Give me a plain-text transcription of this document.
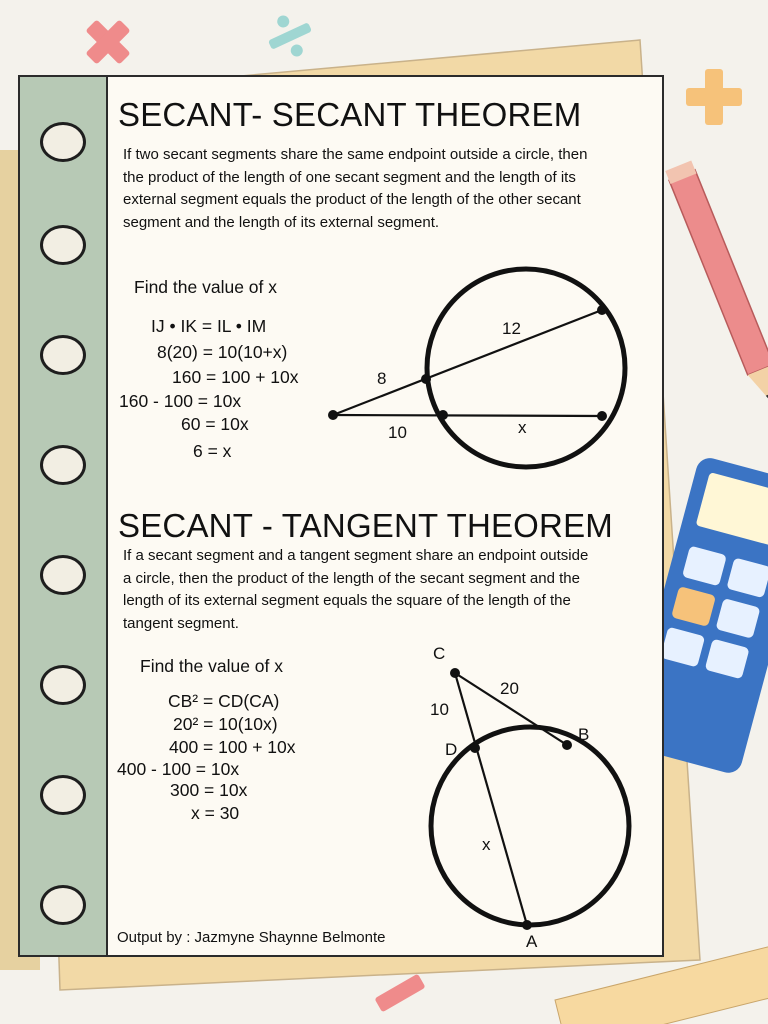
SECANT- SECANT THEOREM
If two secant segments share the same endpoint outside a circle, then the product of the length of one secant segment and the length of its external segment equals the product of the length of the other secant segment and the length of its external segment.
Find the value of x
IJ • IK = IL • IM
8(20) = 10(10+x)
160 = 100 + 10x
160 - 100 = 10x
60 = 10x
6 = x
12
8
10	x
SECANT - TANGENT THEOREM
If a secant segment and a tangent segment share an endpoint outside a circle, then the product of the length of the secant segment and the length of its external segment equals the square of the length of the tangent segment.
Find the value of x
CB² = CD(CA)
20² = 10(10x)
400 = 100 + 10x
400 - 100 = 10x
300 = 10x
x = 30
C
B
D
A
20
10
x
Output by : Jazmyne Shaynne Belmonte
